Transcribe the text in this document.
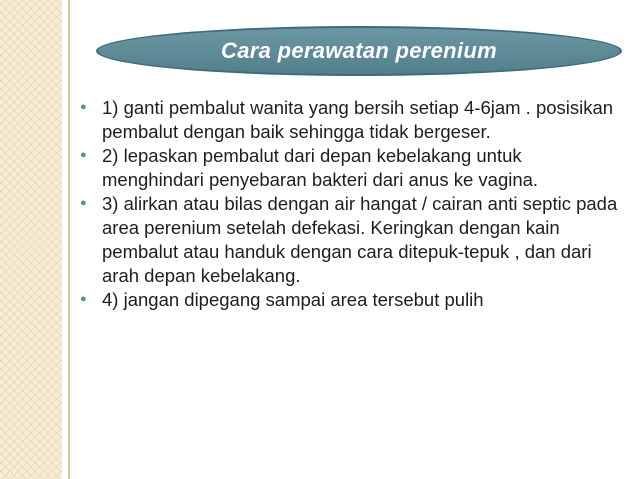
Cara perawatan perenium
● 1) ganti pembalut wanita yang bersih setiap 4-6jam . posisikan pembalut dengan baik sehingga tidak bergeser.
● 2) lepaskan pembalut dari depan kebelakang untuk menghindari penyebaran bakteri dari anus ke vagina.
● 3) alirkan atau bilas dengan air hangat / cairan anti septic pada area perenium setelah defekasi. Keringkan dengan kain pembalut atau handuk dengan cara ditepuk-tepuk , dan dari arah depan kebelakang.
● 4) jangan dipegang sampai area tersebut pulih
